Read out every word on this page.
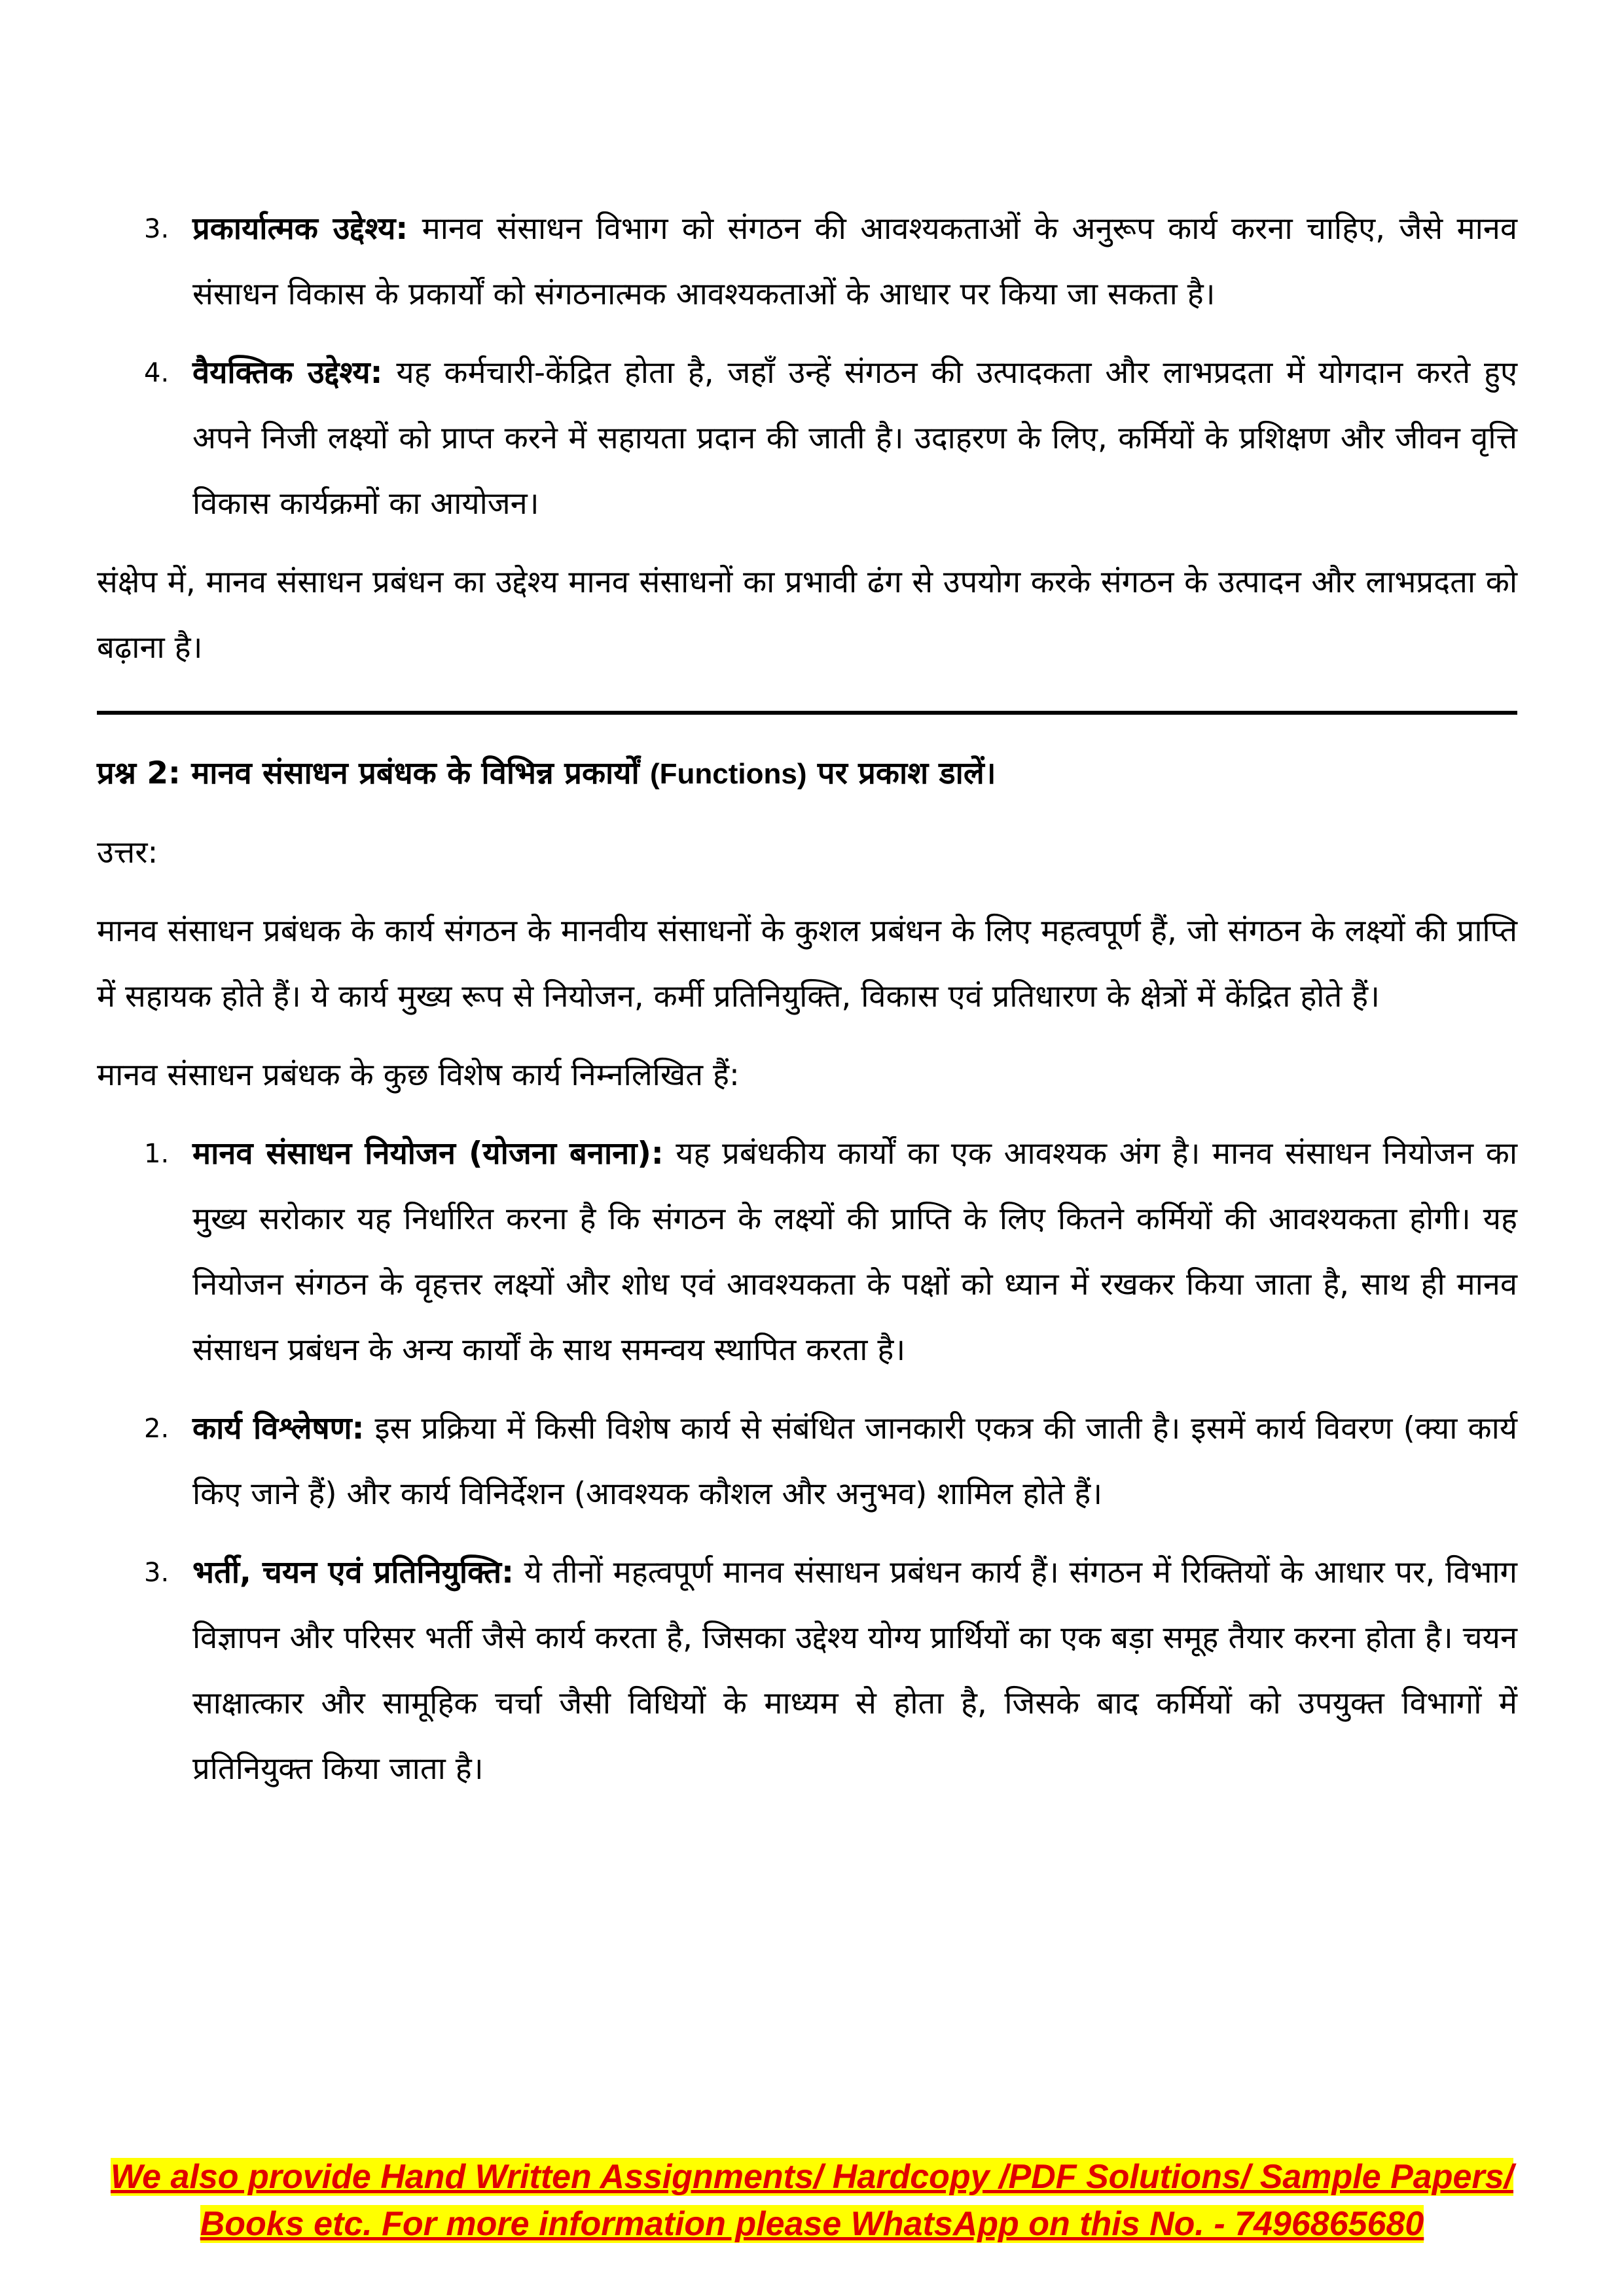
3. प्रकार्यात्मक उद्देश्य: मानव संसाधन विभाग को संगठन की आवश्यकताओं के अनुरूप कार्य करना चाहिए, जैसे मानव संसाधन विकास के प्रकार्यों को संगठनात्मक आवश्यकताओं के आधार पर किया जा सकता है।
4. वैयक्तिक उद्देश्य: यह कर्मचारी-केंद्रित होता है, जहाँ उन्हें संगठन की उत्पादकता और लाभप्रदता में योगदान करते हुए अपने निजी लक्ष्यों को प्राप्त करने में सहायता प्रदान की जाती है। उदाहरण के लिए, कर्मियों के प्रशिक्षण और जीवन वृत्ति विकास कार्यक्रमों का आयोजन।
संक्षेप में, मानव संसाधन प्रबंधन का उद्देश्य मानव संसाधनों का प्रभावी ढंग से उपयोग करके संगठन के उत्पादन और लाभप्रदता को बढ़ाना है।
प्रश्न 2: मानव संसाधन प्रबंधक के विभिन्न प्रकार्यों (Functions) पर प्रकाश डालें।
उत्तर:
मानव संसाधन प्रबंधक के कार्य संगठन के मानवीय संसाधनों के कुशल प्रबंधन के लिए महत्वपूर्ण हैं, जो संगठन के लक्ष्यों की प्राप्ति में सहायक होते हैं। ये कार्य मुख्य रूप से नियोजन, कर्मी प्रतिनियुक्ति, विकास एवं प्रतिधारण के क्षेत्रों में केंद्रित होते हैं।
मानव संसाधन प्रबंधक के कुछ विशेष कार्य निम्नलिखित हैं:
1. मानव संसाधन नियोजन (योजना बनाना): यह प्रबंधकीय कार्यों का एक आवश्यक अंग है। मानव संसाधन नियोजन का मुख्य सरोकार यह निर्धारित करना है कि संगठन के लक्ष्यों की प्राप्ति के लिए कितने कर्मियों की आवश्यकता होगी। यह नियोजन संगठन के वृहत्तर लक्ष्यों और शोध एवं आवश्यकता के पक्षों को ध्यान में रखकर किया जाता है, साथ ही मानव संसाधन प्रबंधन के अन्य कार्यों के साथ समन्वय स्थापित करता है।
2. कार्य विश्लेषण: इस प्रक्रिया में किसी विशेष कार्य से संबंधित जानकारी एकत्र की जाती है। इसमें कार्य विवरण (क्या कार्य किए जाने हैं) और कार्य विनिर्देशन (आवश्यक कौशल और अनुभव) शामिल होते हैं।
3. भर्ती, चयन एवं प्रतिनियुक्ति: ये तीनों महत्वपूर्ण मानव संसाधन प्रबंधन कार्य हैं। संगठन में रिक्तियों के आधार पर, विभाग विज्ञापन और परिसर भर्ती जैसे कार्य करता है, जिसका उद्देश्य योग्य प्रार्थियों का एक बड़ा समूह तैयार करना होता है। चयन साक्षात्कार और सामूहिक चर्चा जैसी विधियों के माध्यम से होता है, जिसके बाद कर्मियों को उपयुक्त विभागों में प्रतिनियुक्त किया जाता है।
We also provide Hand Written Assignments/ Hardcopy /PDF Solutions/ Sample Papers/
Books etc. For more information please WhatsApp on this No. - 7496865680
